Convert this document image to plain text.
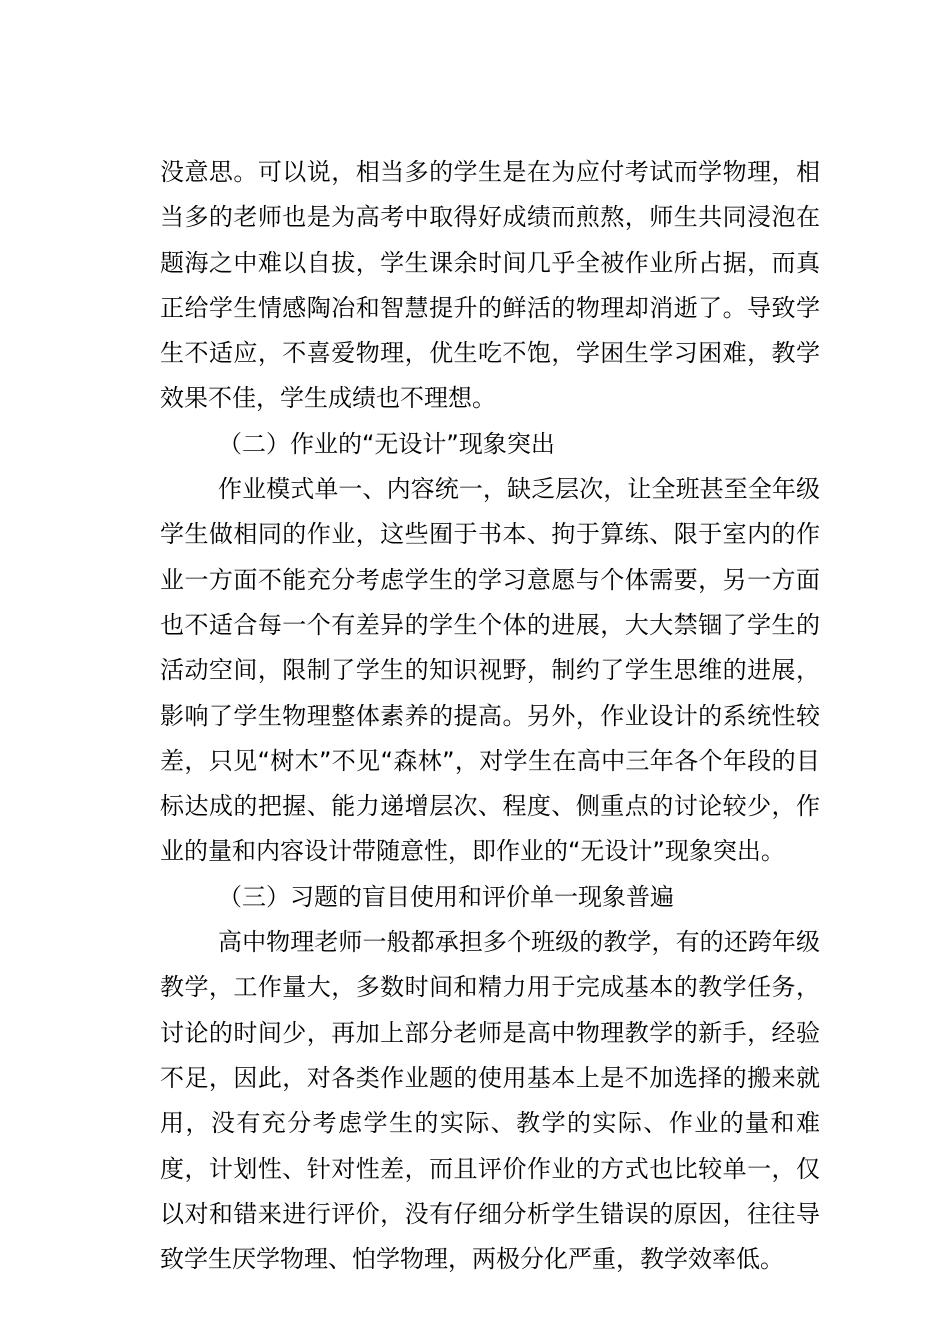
没意思。可以说，相当多的学生是在为应付考试而学物理，相当多的老师也是为高考中取得好成绩而煎熬，师生共同浸泡在题海之中难以自拔，学生课余时间几乎全被作业所占据，而真正给学生情感陶冶和智慧提升的鲜活的物理却消逝了。导致学生不适应，不喜爱物理，优生吃不饱，学困生学习困难，教学效果不佳，学生成绩也不理想。

（二）作业的“无设计”现象突出

作业模式单一、内容统一，缺乏层次，让全班甚至全年级学生做相同的作业，这些囿于书本、拘于算练、限于室内的作业一方面不能充分考虑学生的学习意愿与个体需要，另一方面也不适合每一个有差异的学生个体的进展，大大禁锢了学生的活动空间，限制了学生的知识视野，制约了学生思维的进展，影响了学生物理整体素养的提高。另外，作业设计的系统性较差，只见“树木”不见“森林”，对学生在高中三年各个年段的目标达成的把握、能力递增层次、程度、侧重点的讨论较少，作业的量和内容设计带随意性，即作业的“无设计”现象突出。

（三）习题的盲目使用和评价单一现象普遍

高中物理老师一般都承担多个班级的教学，有的还跨年级教学，工作量大，多数时间和精力用于完成基本的教学任务，讨论的时间少，再加上部分老师是高中物理教学的新手，经验不足，因此，对各类作业题的使用基本上是不加选择的搬来就用，没有充分考虑学生的实际、教学的实际、作业的量和难度，计划性、针对性差，而且评价作业的方式也比较单一，仅以对和错来进行评价，没有仔细分析学生错误的原因，往往导致学生厌学物理、怕学物理，两极分化严重，教学效率低。
